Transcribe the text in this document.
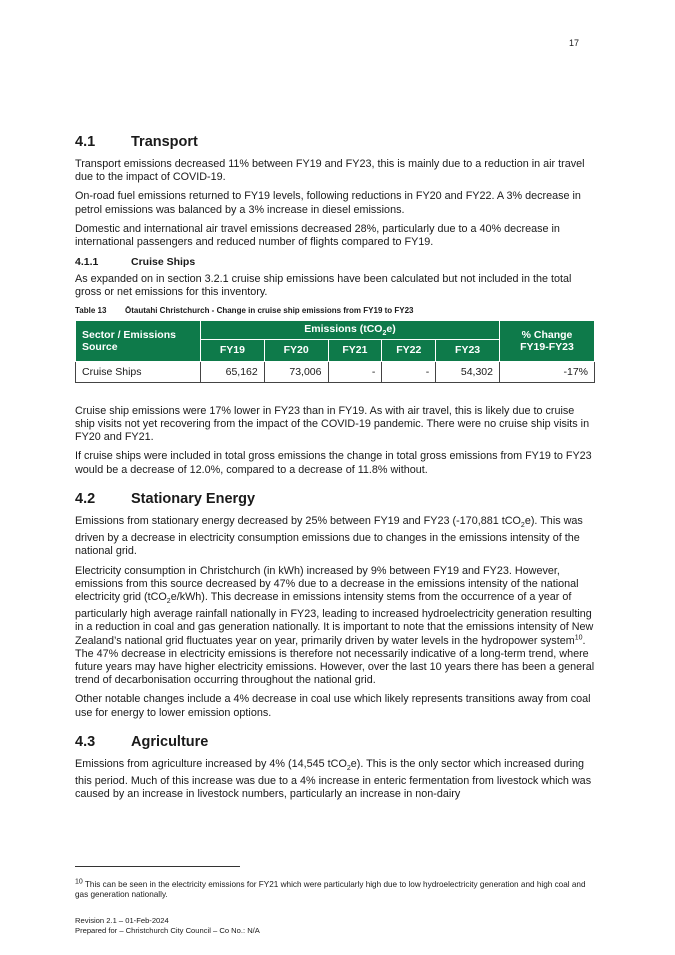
17
4.1	Transport

Transport emissions decreased 11% between FY19 and FY23, this is mainly due to a reduction in air travel due to the impact of COVID-19.

On-road fuel emissions returned to FY19 levels, following reductions in FY20 and FY22. A 3% decrease in petrol emissions was balanced by a 3% increase in diesel emissions.

Domestic and international air travel emissions decreased 28%, particularly due to a 40% decrease in international passengers and reduced number of flights compared to FY19.

4.1.1	Cruise Ships

As expanded on in section 3.2.1 cruise ship emissions have been calculated but not included in the total gross or net emissions for this inventory.

Table 13	Ōtautahi Christchurch - Change in cruise ship emissions from FY19 to FY23
Sector / Emissions Source	Emissions (tCO$_2$e)					% Change FY19-FY23
	FY19	FY20	FY21	FY22	FY23	
Cruise Ships	65,162	73,006	-	-	54,302	-17%

Cruise ship emissions were 17% lower in FY23 than in FY19. As with air travel, this is likely due to cruise ship visits not yet recovering from the impact of the COVID-19 pandemic. There were no cruise ship visits in FY20 and FY21.

If cruise ships were included in total gross emissions the change in total gross emissions from FY19 to FY23 would be a decrease of 12.0%, compared to a decrease of 11.8% without.

4.2	Stationary Energy

Emissions from stationary energy decreased by 25% between FY19 and FY23 (-170,881 tCO$_2$e). This was driven by a decrease in electricity consumption emissions due to changes in the emissions intensity of the national grid.

Electricity consumption in Christchurch (in kWh) increased by 9% between FY19 and FY23. However, emissions from this source decreased by 47% due to a decrease in the emissions intensity of the national electricity grid (tCO$_2$e/kWh). This decrease in emissions intensity stems from the occurrence of a year of particularly high average rainfall nationally in FY23, leading to increased hydroelectricity generation resulting in a reduction in coal and gas generation nationally. It is important to note that the emissions intensity of New Zealand’s national grid fluctuates year on year, primarily driven by water levels in the hydropower system$^{10}$. The 47% decrease in electricity emissions is therefore not necessarily indicative of a long-term trend, where future years may have higher electricity emissions. However, over the last 10 years there has been a general trend of decarbonisation occurring throughout the national grid.

Other notable changes include a 4% decrease in coal use which likely represents transitions away from coal use for energy to lower emission options.

4.3	Agriculture

Emissions from agriculture increased by 4% (14,545 tCO$_2$e). This is the only sector which increased during this period. Much of this increase was due to a 4% increase in enteric fermentation from livestock which was caused by an increase in livestock numbers, particularly an increase in non-dairy

$^{10}$ This can be seen in the electricity emissions for FY21 which were particularly high due to low hydroelectricity generation and high coal and gas generation nationally.
Revision 2.1 – 01-Feb-2024
Prepared for – Christchurch City Council – Co No.: N/A
